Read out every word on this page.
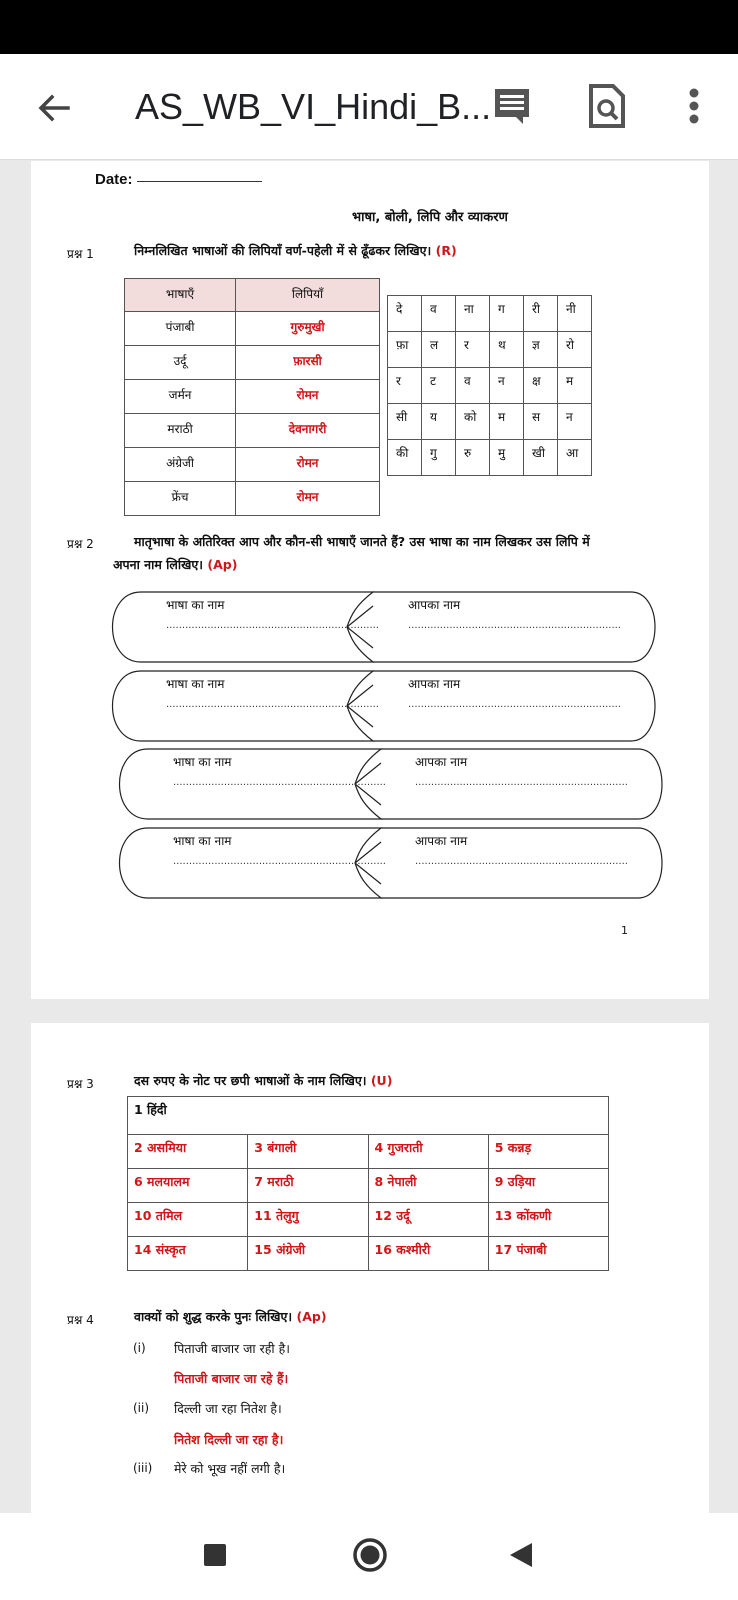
AS_WB_VI_Hindi_B...
Date:
भाषा, बोली, लिपि और व्याकरण
प्रश्न 1	निम्नलिखित भाषाओं की लिपियाँ वर्ण-पहेली में से ढूँढकर लिखिए। (R)
भाषाएँ	लिपियाँ
पंजाबी	गुरुमुखी
उर्दू	फ़ारसी
जर्मन	रोमन
मराठी	देवनागरी
अंग्रेजी	रोमन
फ्रेंच	रोमन
दे	व	ना	ग	री	नी
फ़ा	ल	र	थ	ज्ञ	रो
र	ट	व	न	क्ष	म
सी	य	को	म	स	न
की	गु	रु	मु	खी	आ
प्रश्न 2	मातृभाषा के अतिरिक्त आप और कौन-सी भाषाएँ जानते हैं? उस भाषा का नाम लिखकर उस लिपि में
अपना नाम लिखिए। (Ap)
भाषा का नाम
...................................................................
आपका नाम
...................................................................
भाषा का नाम
...................................................................
आपका नाम
...................................................................
भाषा का नाम
...................................................................
आपका नाम
...................................................................
भाषा का नाम
...................................................................
आपका नाम
...................................................................
1
प्रश्न 3	दस रुपए के नोट पर छपी भाषाओं के नाम लिखिए। (U)
1 हिंदी			
2 असमिया	3 बंगाली	4 गुजराती	5 कन्नड़
6 मलयालम	7 मराठी	8 नेपाली	9 उड़िया
10 तमिल	11 तेलुगु	12 उर्दू	13 कोंकणी
14 संस्कृत	15 अंग्रेजी	16 कश्मीरी	17 पंजाबी
प्रश्न 4	वाक्यों को शुद्ध करके पुनः लिखिए। (Ap)
(i) पिताजी बाजार जा रही है।
पिताजी बाजार जा रहे हैं।
(ii) दिल्ली जा रहा नितेश है।
नितेश दिल्ली जा रहा है।
(iii) मेरे को भूख नहीं लगी है।
